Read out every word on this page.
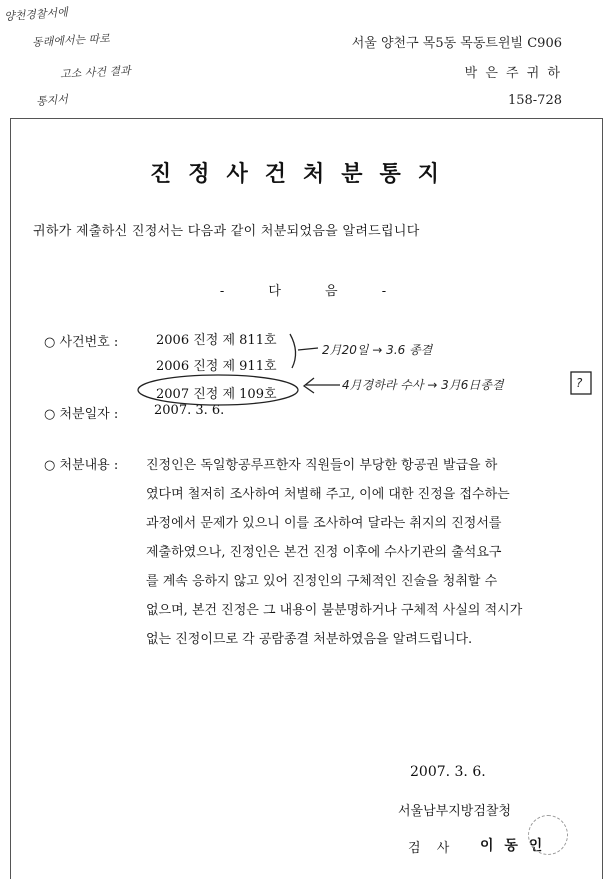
양천경찰서에
동래에서는 따로
고소 사건 결과
통지서
서울 양천구 목5동 목동트윈빌 C906
박 은 주 귀 하
158-728
진정사건처분통지
귀하가 제출하신 진정서는 다음과 같이 처분되었음을 알려드립니다
- 다 음 -
○ 사건번호 :	2006 진정 제 811호
2006 진정 제 911호
2007 진정 제 109호
○ 처분일자 :	2007. 3. 6.
○ 처분내용 : 진정인은 독일항공루프한자 직원들이 부당한 항공권 발급을 하
였다며 철저히 조사하여 처벌해 주고, 이에 대한 진정을 접수하는
과정에서 문제가 있으니 이를 조사하여 달라는 취지의 진정서를
제출하였으나, 진정인은 본건 진정 이후에 수사기관의 출석요구
를 계속 응하지 않고 있어 진정인의 구체적인 진술을 청취할 수
없으며, 본건 진정은 그 내용이 불분명하거나 구체적 사실의 적시가
없는 진정이므로 각 공람종결 처분하였음을 알려드립니다.
2月20일 → 3.6 종결
4月경하라 수사 → 3月6日종결	?
2007. 3. 6.
서울남부지방검찰청
검 사 이 동 인
